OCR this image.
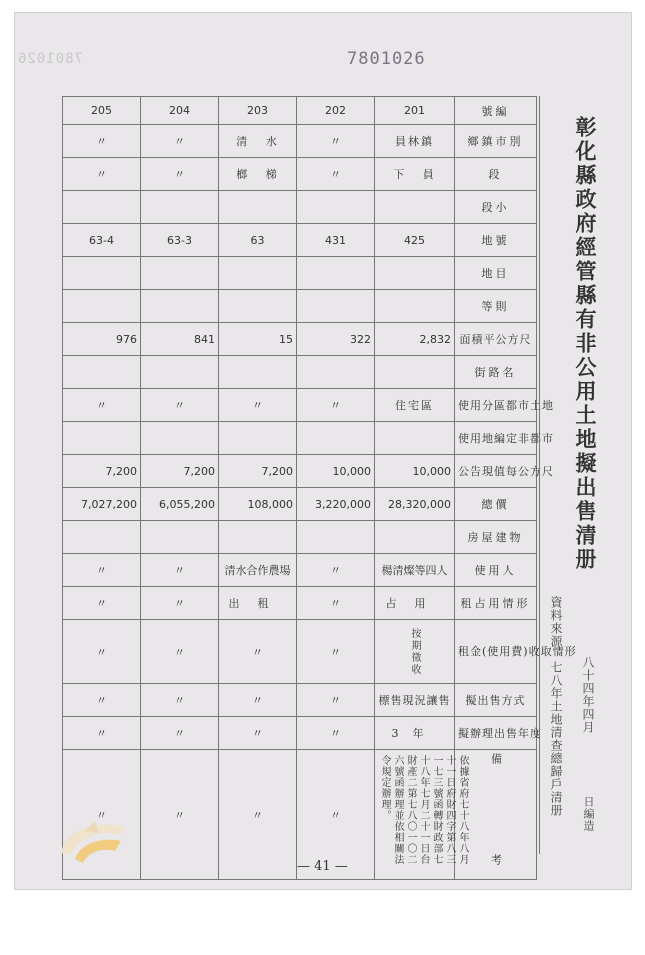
7801026	7801026
205	204	203	202	201	號編
〃	〃	清 水	〃	員林鎮	鄉鎮市別
〃	〃	榔 梯	〃	下 員	段
					段小
63-4	63-3	63	431	425	地號
					地目
					等則
976	841	15	322	2,832	面積平公方尺
					街路名
〃	〃	〃	〃	住宅區	使用分區都市土地
					使用地編定非都市
7,200	7,200	7,200	10,000	10,000	公告現值每公方尺
7,027,200	6,055,200	108,000	3,220,000	28,320,000	總價
					房屋建物
〃	〃	清水合作農場	〃	楊清燦等四人	使用人
〃	〃	出租	〃	占用	租占用情形
〃	〃	〃	〃	按期徵收	租金(使用費)收取情形
〃	〃	〃	〃	標售現況讓售	擬出售方式
〃	〃	〃	〃	3年	擬辦理出售年度
〃	〃	〃	〃	依據省府七十八年八月十一日府財四字第八三一七三號函轉財政部七十八年七月二十一日台財產二第七八〇一〇二六號函辦理並依相關法令規定辦理。	備考
彰化縣政府經管縣有非公用土地擬出售清册
資料來源：七八年土地清查總歸戶清册 八十四年四月
日編造
— 41 —
